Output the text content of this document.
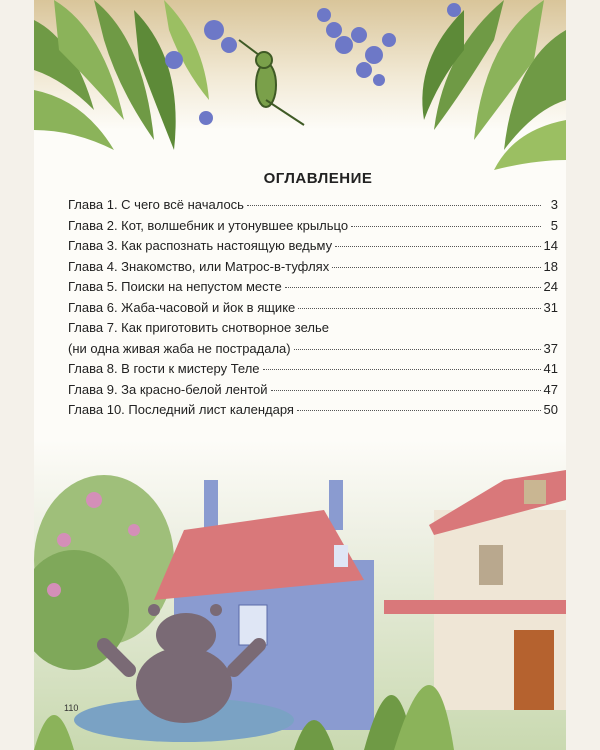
ОГЛАВЛЕНИЕ
Глава 1. С чего всё началось	3
Глава 2. Кот, волшебник и утонувшее крыльцо	5
Глава 3. Как распознать настоящую ведьму	14
Глава 4. Знакомство, или Матрос-в-туфлях	18
Глава 5. Поиски на непустом месте	24
Глава 6. Жаба-часовой и йок в ящике	31
Глава 7. Как приготовить снотворное зелье
(ни одна живая жаба не пострадала)	37
Глава 8. В гости к мистеру Теле	41
Глава 9. За красно-белой лентой	47
Глава 10. Последний лист календаря	50
110
